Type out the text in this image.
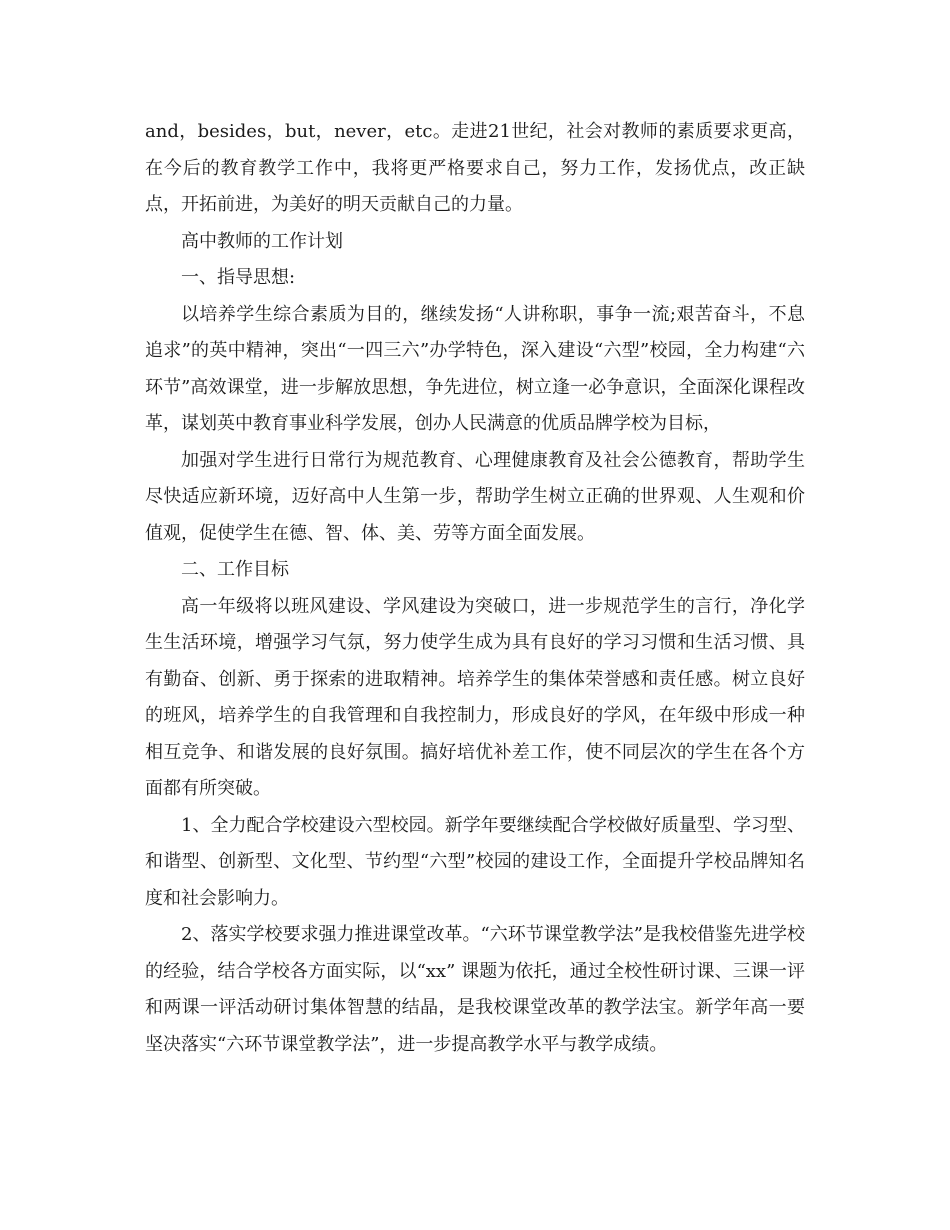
and，besides，but，never，etc。走进21世纪，社会对教师的素质要求更高，在今后的教育教学工作中，我将更严格要求自己，努力工作，发扬优点，改正缺点，开拓前进，为美好的明天贡献自己的力量。

高中教师的工作计划

一、指导思想:

以培养学生综合素质为目的，继续发扬“人讲称职，事争一流;艰苦奋斗，不息追求”的英中精神，突出“一四三六”办学特色，深入建设“六型”校园，全力构建“六环节”高效课堂，进一步解放思想，争先进位，树立逢一必争意识，全面深化课程改革，谋划英中教育事业科学发展，创办人民满意的优质品牌学校为目标，

加强对学生进行日常行为规范教育、心理健康教育及社会公德教育，帮助学生尽快适应新环境，迈好高中人生第一步，帮助学生树立正确的世界观、人生观和价值观，促使学生在德、智、体、美、劳等方面全面发展。

二、工作目标

高一年级将以班风建设、学风建设为突破口，进一步规范学生的言行，净化学生生活环境，增强学习气氛，努力使学生成为具有良好的学习习惯和生活习惯、具有勤奋、创新、勇于探索的进取精神。培养学生的集体荣誉感和责任感。树立良好的班风，培养学生的自我管理和自我控制力，形成良好的学风，在年级中形成一种相互竞争、和谐发展的良好氛围。搞好培优补差工作，使不同层次的学生在各个方面都有所突破。

1、全力配合学校建设六型校园。新学年要继续配合学校做好质量型、学习型、和谐型、创新型、文化型、节约型“六型”校园的建设工作，全面提升学校品牌知名度和社会影响力。

2、落实学校要求强力推进课堂改革。“六环节课堂教学法”是我校借鉴先进学校的经验，结合学校各方面实际，以“xx” 课题为依托，通过全校性研讨课、三课一评和两课一评活动研讨集体智慧的结晶，是我校课堂改革的教学法宝。新学年高一要坚决落实“六环节课堂教学法”，进一步提高教学水平与教学成绩。
